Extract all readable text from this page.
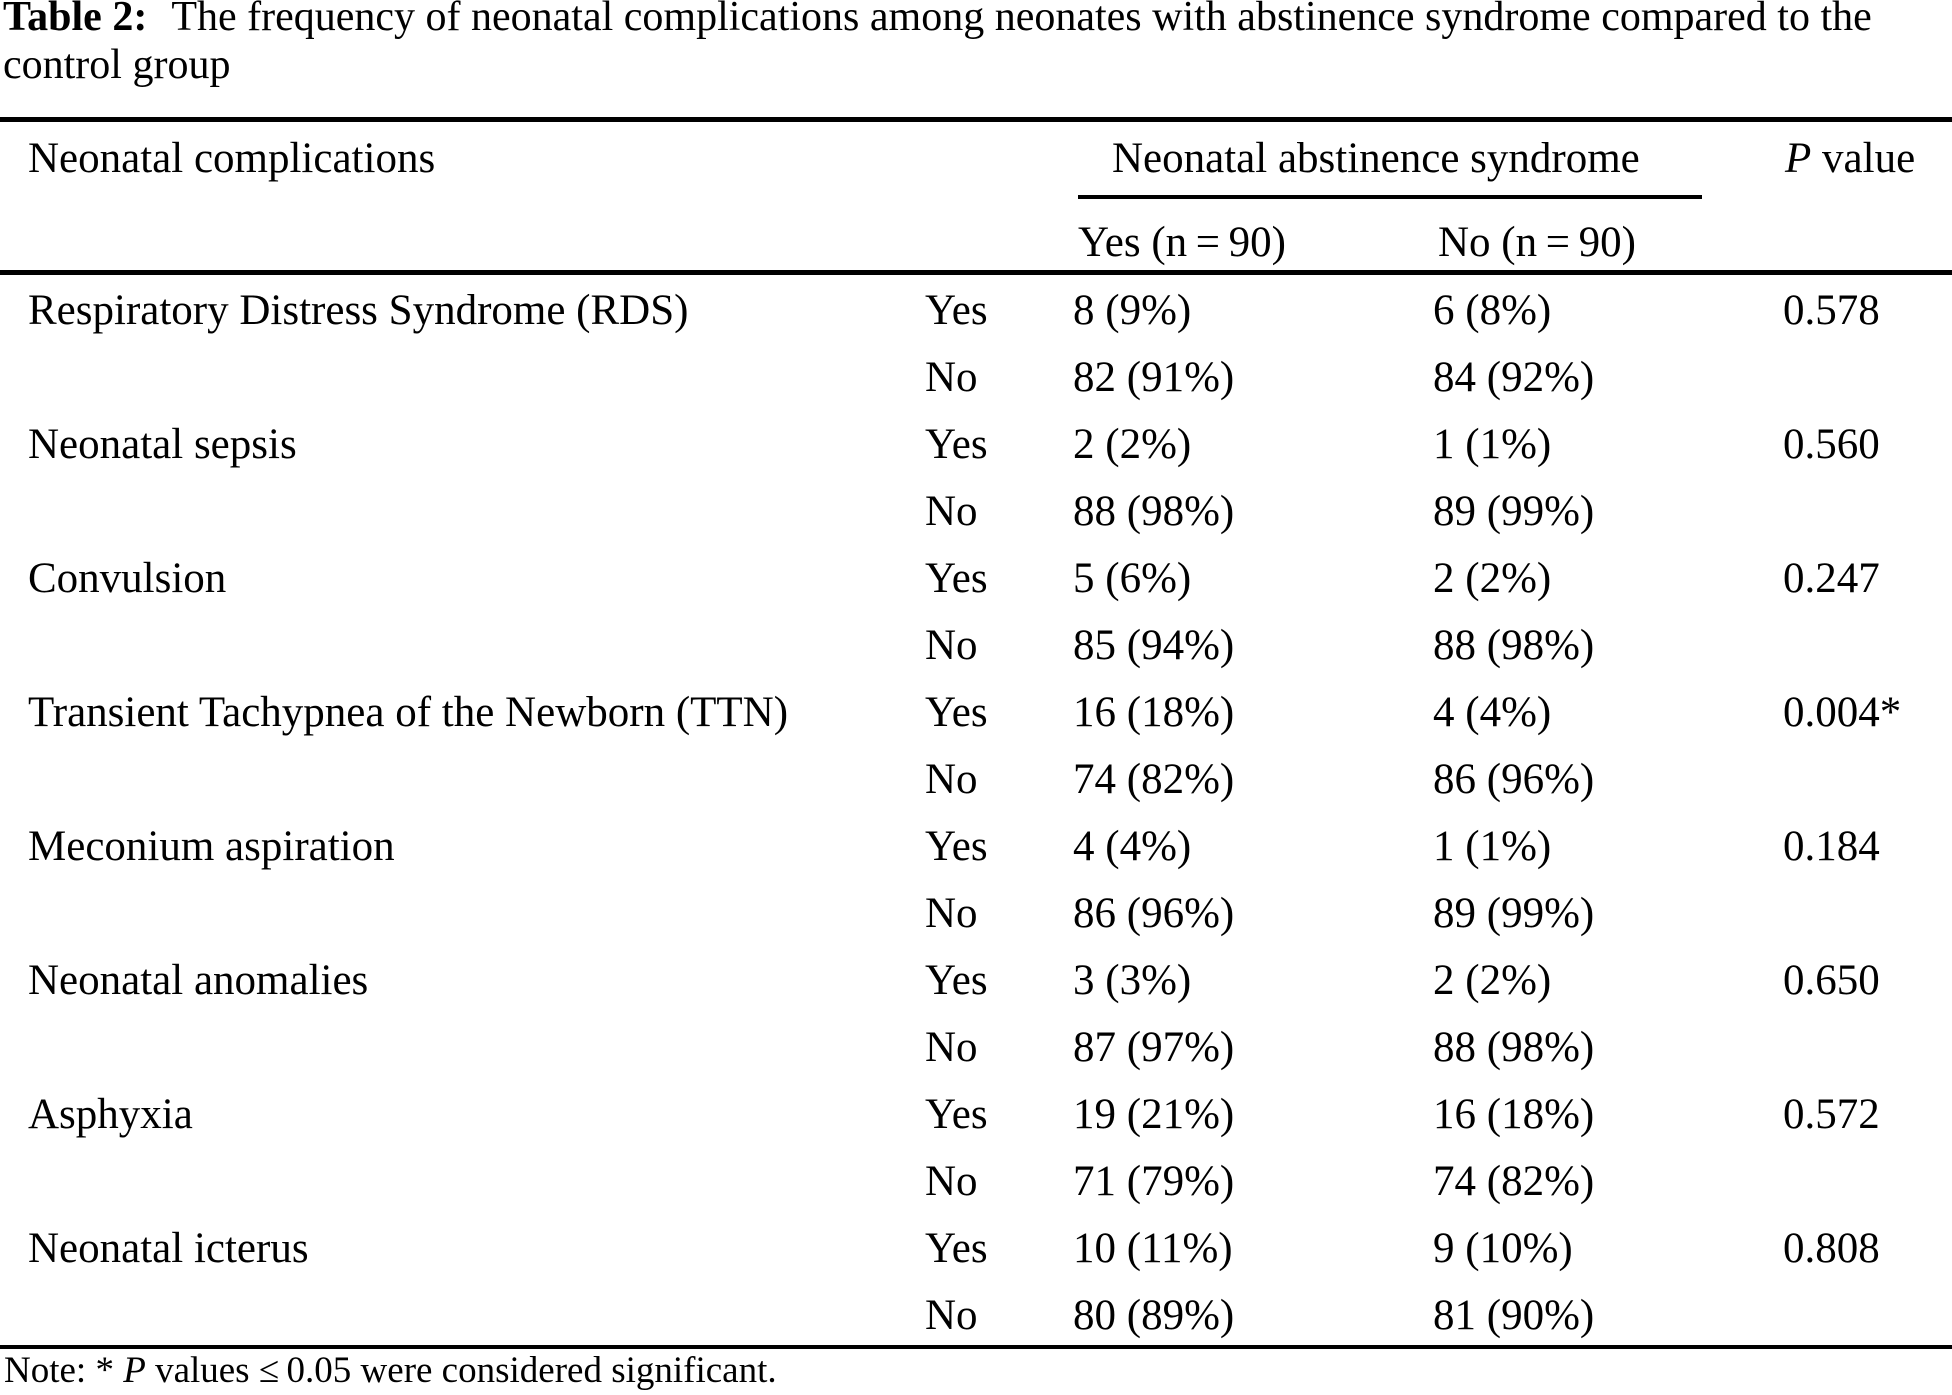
Table 2: The frequency of neonatal complications among neonates with abstinence syndrome compared to the control group

Neonatal complications	Neonatal abstinence syndrome	P value
Yes (n = 90)	No (n = 90)
Respiratory Distress Syndrome (RDS)	Yes	8 (9%)	6 (8%)	0.578
No	82 (91%)	84 (92%)
Neonatal sepsis	Yes	2 (2%)	1 (1%)	0.560
No	88 (98%)	89 (99%)
Convulsion	Yes	5 (6%)	2 (2%)	0.247
No	85 (94%)	88 (98%)
Transient Tachypnea of the Newborn (TTN)	Yes	16 (18%)	4 (4%)	0.004*
No	74 (82%)	86 (96%)
Meconium aspiration	Yes	4 (4%)	1 (1%)	0.184
No	86 (96%)	89 (99%)
Neonatal anomalies	Yes	3 (3%)	2 (2%)	0.650
No	87 (97%)	88 (98%)
Asphyxia	Yes	19 (21%)	16 (18%)	0.572
No	71 (79%)	74 (82%)
Neonatal icterus	Yes	10 (11%)	9 (10%)	0.808
No	80 (89%)	81 (90%)

Note: * P values ≤ 0.05 were considered significant.
